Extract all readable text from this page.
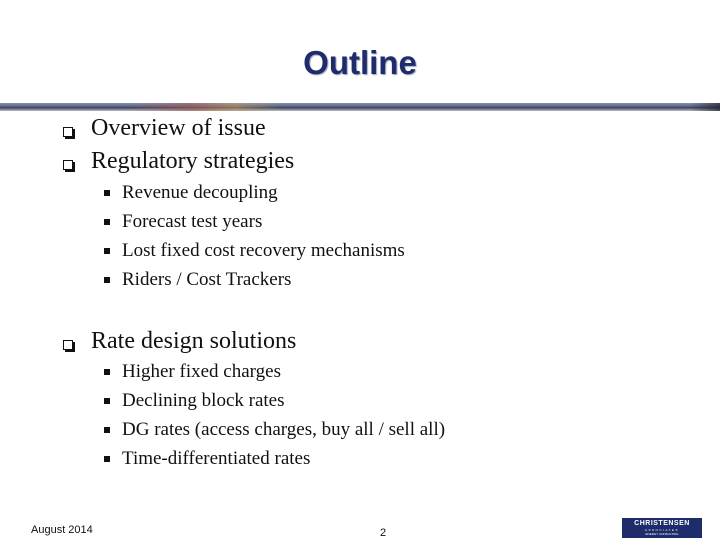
Outline
Overview of issue
Regulatory strategies
Revenue decoupling
Forecast test years
Lost fixed cost recovery mechanisms
Riders / Cost Trackers
Rate design solutions
Higher fixed charges
Declining block rates
DG rates (access charges, buy all / sell all)
Time-differentiated rates
August 2014	2
CHRISTENSEN
ASSOCIATES
ENERGY CONSULTING
